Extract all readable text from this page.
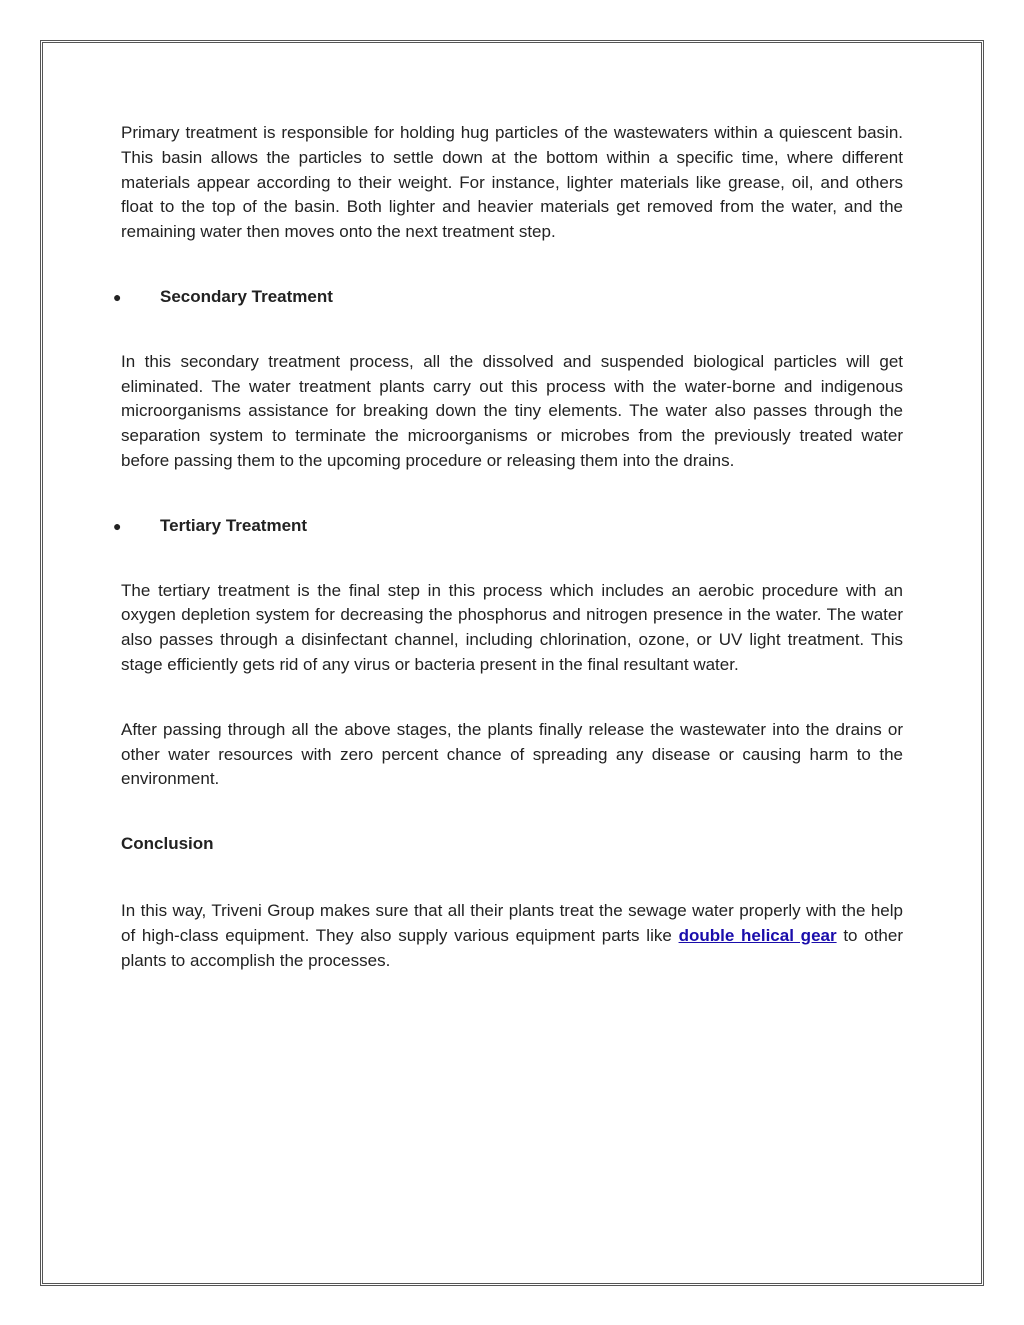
Primary treatment is responsible for holding hug particles of the wastewaters within a quiescent basin. This basin allows the particles to settle down at the bottom within a specific time, where different materials appear according to their weight. For instance, lighter materials like grease, oil, and others float to the top of the basin. Both lighter and heavier materials get removed from the water, and the remaining water then moves onto the next treatment step.

● Secondary Treatment

In this secondary treatment process, all the dissolved and suspended biological particles will get eliminated. The water treatment plants carry out this process with the water-borne and indigenous microorganisms assistance for breaking down the tiny elements. The water also passes through the separation system to terminate the microorganisms or microbes from the previously treated water before passing them to the upcoming procedure or releasing them into the drains.

● Tertiary Treatment

The tertiary treatment is the final step in this process which includes an aerobic procedure with an oxygen depletion system for decreasing the phosphorus and nitrogen presence in the water. The water also passes through a disinfectant channel, including chlorination, ozone, or UV light treatment. This stage efficiently gets rid of any virus or bacteria present in the final resultant water.

After passing through all the above stages, the plants finally release the wastewater into the drains or other water resources with zero percent chance of spreading any disease or causing harm to the environment.

Conclusion

In this way, Triveni Group makes sure that all their plants treat the sewage water properly with the help of high-class equipment. They also supply various equipment parts like double helical gear to other plants to accomplish the processes.
